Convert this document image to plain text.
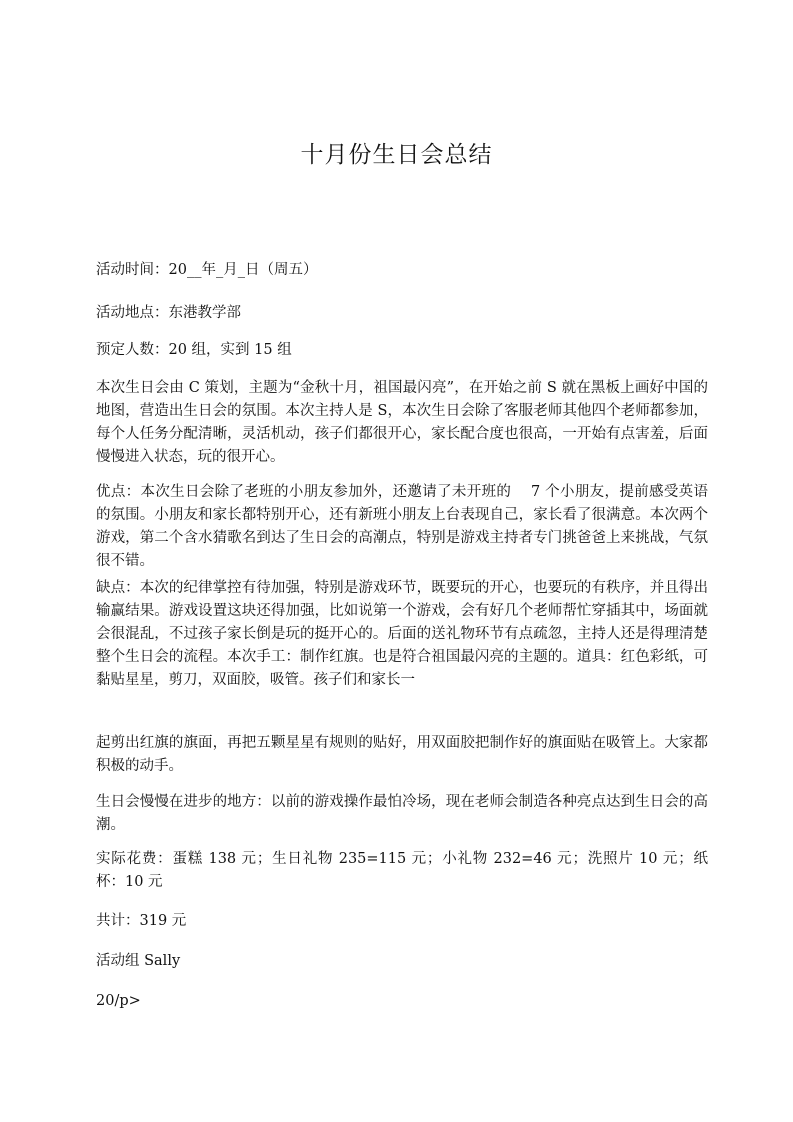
十月份生日会总结

活动时间：20__年_月_日（周五）

活动地点：东港教学部

预定人数：20 组，实到 15 组

本次生日会由 C 策划，主题为“金秋十月，祖国最闪亮”，在开始之前 S 就在黑板上画好中国的地图，营造出生日会的氛围。本次主持人是 S，本次生日会除了客服老师其他四个老师都参加，每个人任务分配清晰，灵活机动，孩子们都很开心，家长配合度也很高，一开始有点害羞，后面慢慢进入状态，玩的很开心。

优点：本次生日会除了老班的小朋友参加外，还邀请了未开班的　 7 个小朋友，提前感受英语的氛围。小朋友和家长都特别开心，还有新班小朋友上台表现自己，家长看了很满意。本次两个游戏，第二个含水猜歌名到达了生日会的高潮点，特别是游戏主持者专门挑爸爸上来挑战，气氛很不错。

缺点：本次的纪律掌控有待加强，特别是游戏环节，既要玩的开心，也要玩的有秩序，并且得出输赢结果。游戏设置这块还得加强，比如说第一个游戏，会有好几个老师帮忙穿插其中，场面就会很混乱，不过孩子家长倒是玩的挺开心的。后面的送礼物环节有点疏忽，主持人还是得理清楚整个生日会的流程。本次手工：制作红旗。也是符合祖国最闪亮的主题的。道具：红色彩纸，可黏贴星星，剪刀，双面胶，吸管。孩子们和家长一

起剪出红旗的旗面，再把五颗星星有规则的贴好，用双面胶把制作好的旗面贴在吸管上。大家都积极的动手。

生日会慢慢在进步的地方：以前的游戏操作最怕冷场，现在老师会制造各种亮点达到生日会的高潮。

实际花费：蛋糕 138 元；生日礼物 235=115 元；小礼物 232=46 元；洗照片 10 元；纸杯：10 元

共计：319 元

活动组 Sally

20/p>
